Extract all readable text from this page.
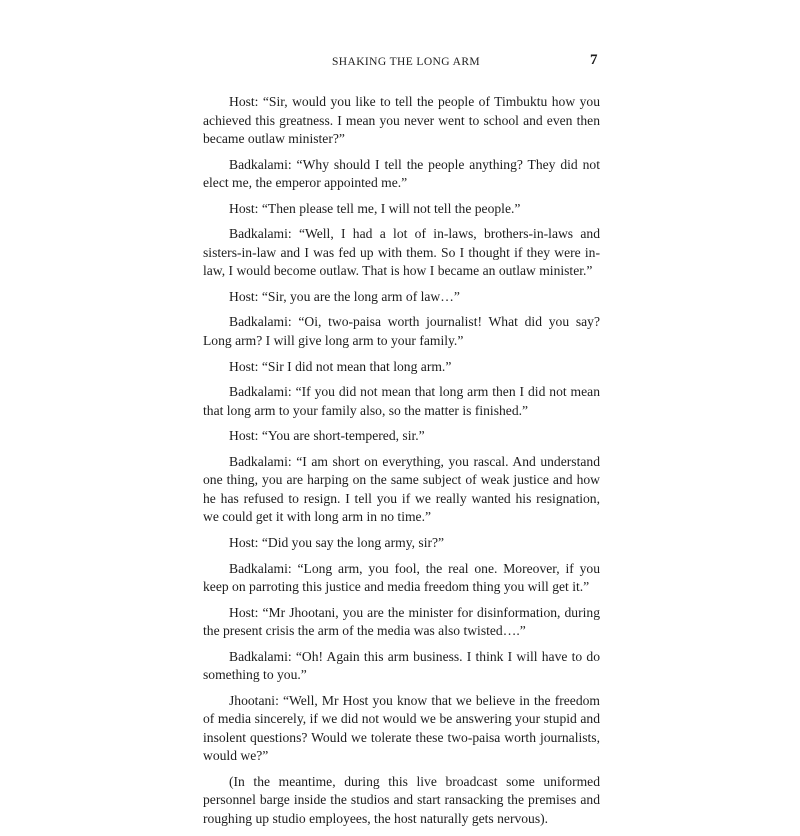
SHAKING THE LONG ARM	7

Host: “Sir, would you like to tell the people of Timbuktu how you achieved this greatness. I mean you never went to school and even then became outlaw minister?”

Badkalami: “Why should I tell the people anything? They did not elect me, the emperor appointed me.”

Host: “Then please tell me, I will not tell the people.”

Badkalami: “Well, I had a lot of in-laws, brothers-in-laws and sisters-in-law and I was fed up with them. So I thought if they were in-law, I would become outlaw. That is how I became an outlaw minister.”

Host: “Sir, you are the long arm of law…”

Badkalami: “Oi, two-paisa worth journalist! What did you say? Long arm? I will give long arm to your family.”

Host: “Sir I did not mean that long arm.”

Badkalami: “If you did not mean that long arm then I did not mean that long arm to your family also, so the matter is finished.”

Host: “You are short-tempered, sir.”

Badkalami: “I am short on everything, you rascal. And understand one thing, you are harping on the same subject of weak justice and how he has refused to resign. I tell you if we really wanted his resignation, we could get it with long arm in no time.”

Host: “Did you say the long army, sir?”

Badkalami: “Long arm, you fool, the real one. Moreover, if you keep on parroting this justice and media freedom thing you will get it.”

Host: “Mr Jhootani, you are the minister for disinformation, during the present crisis the arm of the media was also twisted….”

Badkalami: “Oh! Again this arm business. I think I will have to do something to you.”

Jhootani: “Well, Mr Host you know that we believe in the freedom of media sincerely, if we did not would we be answering your stupid and insolent questions? Would we tolerate these two-paisa worth journalists, would we?”

(In the meantime, during this live broadcast some uniformed personnel barge inside the studios and start ransacking the premises and roughing up studio employees, the host naturally gets nervous).
